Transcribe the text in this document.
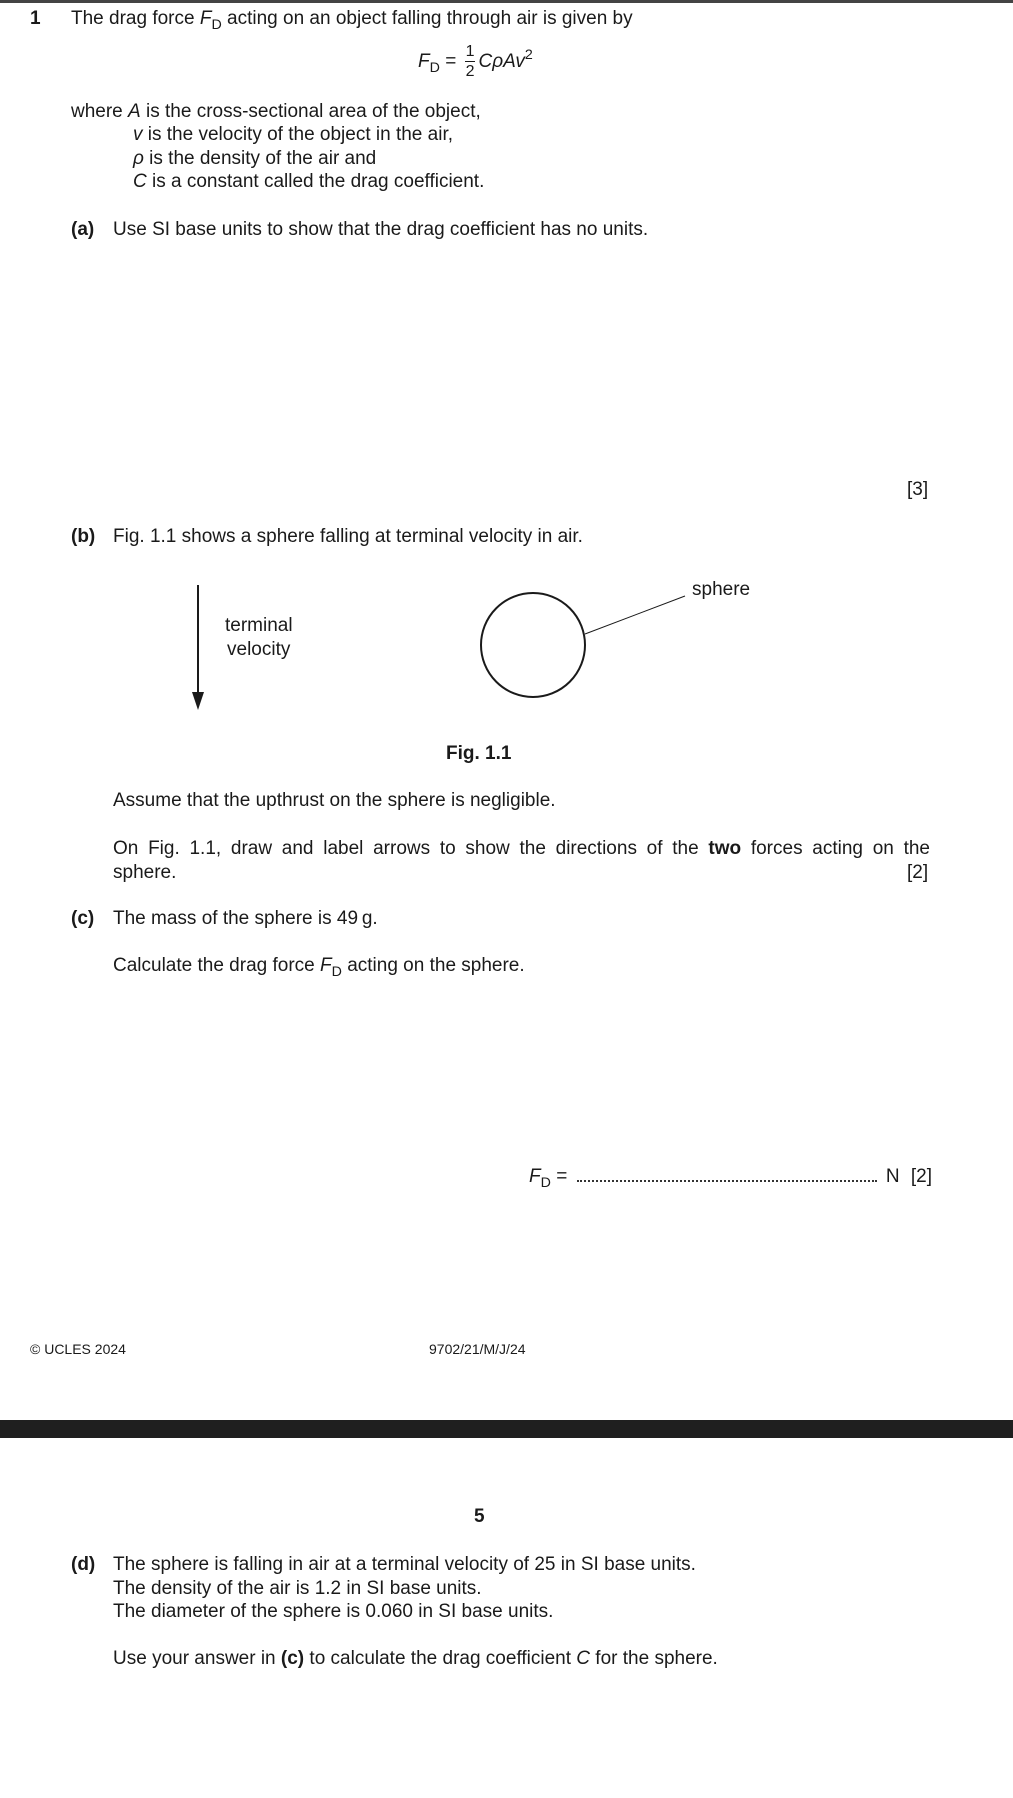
1 The drag force $F_D$ acting on an object falling through air is given by
$F_D = \frac{1}{2} C\rho Av^2$
where A is the cross-sectional area of the object,
v is the velocity of the object in the air,
ρ is the density of the air and
C is a constant called the drag coefficient.
(a) Use SI base units to show that the drag coefficient has no units.
[3]
(b) Fig. 1.1 shows a sphere falling at terminal velocity in air.
terminal
velocity
sphere
Fig. 1.1
Assume that the upthrust on the sphere is negligible.
On Fig. 1.1, draw and label arrows to show the directions of the two forces acting on the
sphere.	[2]
(c) The mass of the sphere is 49 g.
Calculate the drag force $F_D$ acting on the sphere.
$F_D$ =	N [2]
© UCLES 2024	9702/21/M/J/24
5
(d) The sphere is falling in air at a terminal velocity of 25 in SI base units.
The density of the air is 1.2 in SI base units.
The diameter of the sphere is 0.060 in SI base units.
Use your answer in (c) to calculate the drag coefficient C for the sphere.
